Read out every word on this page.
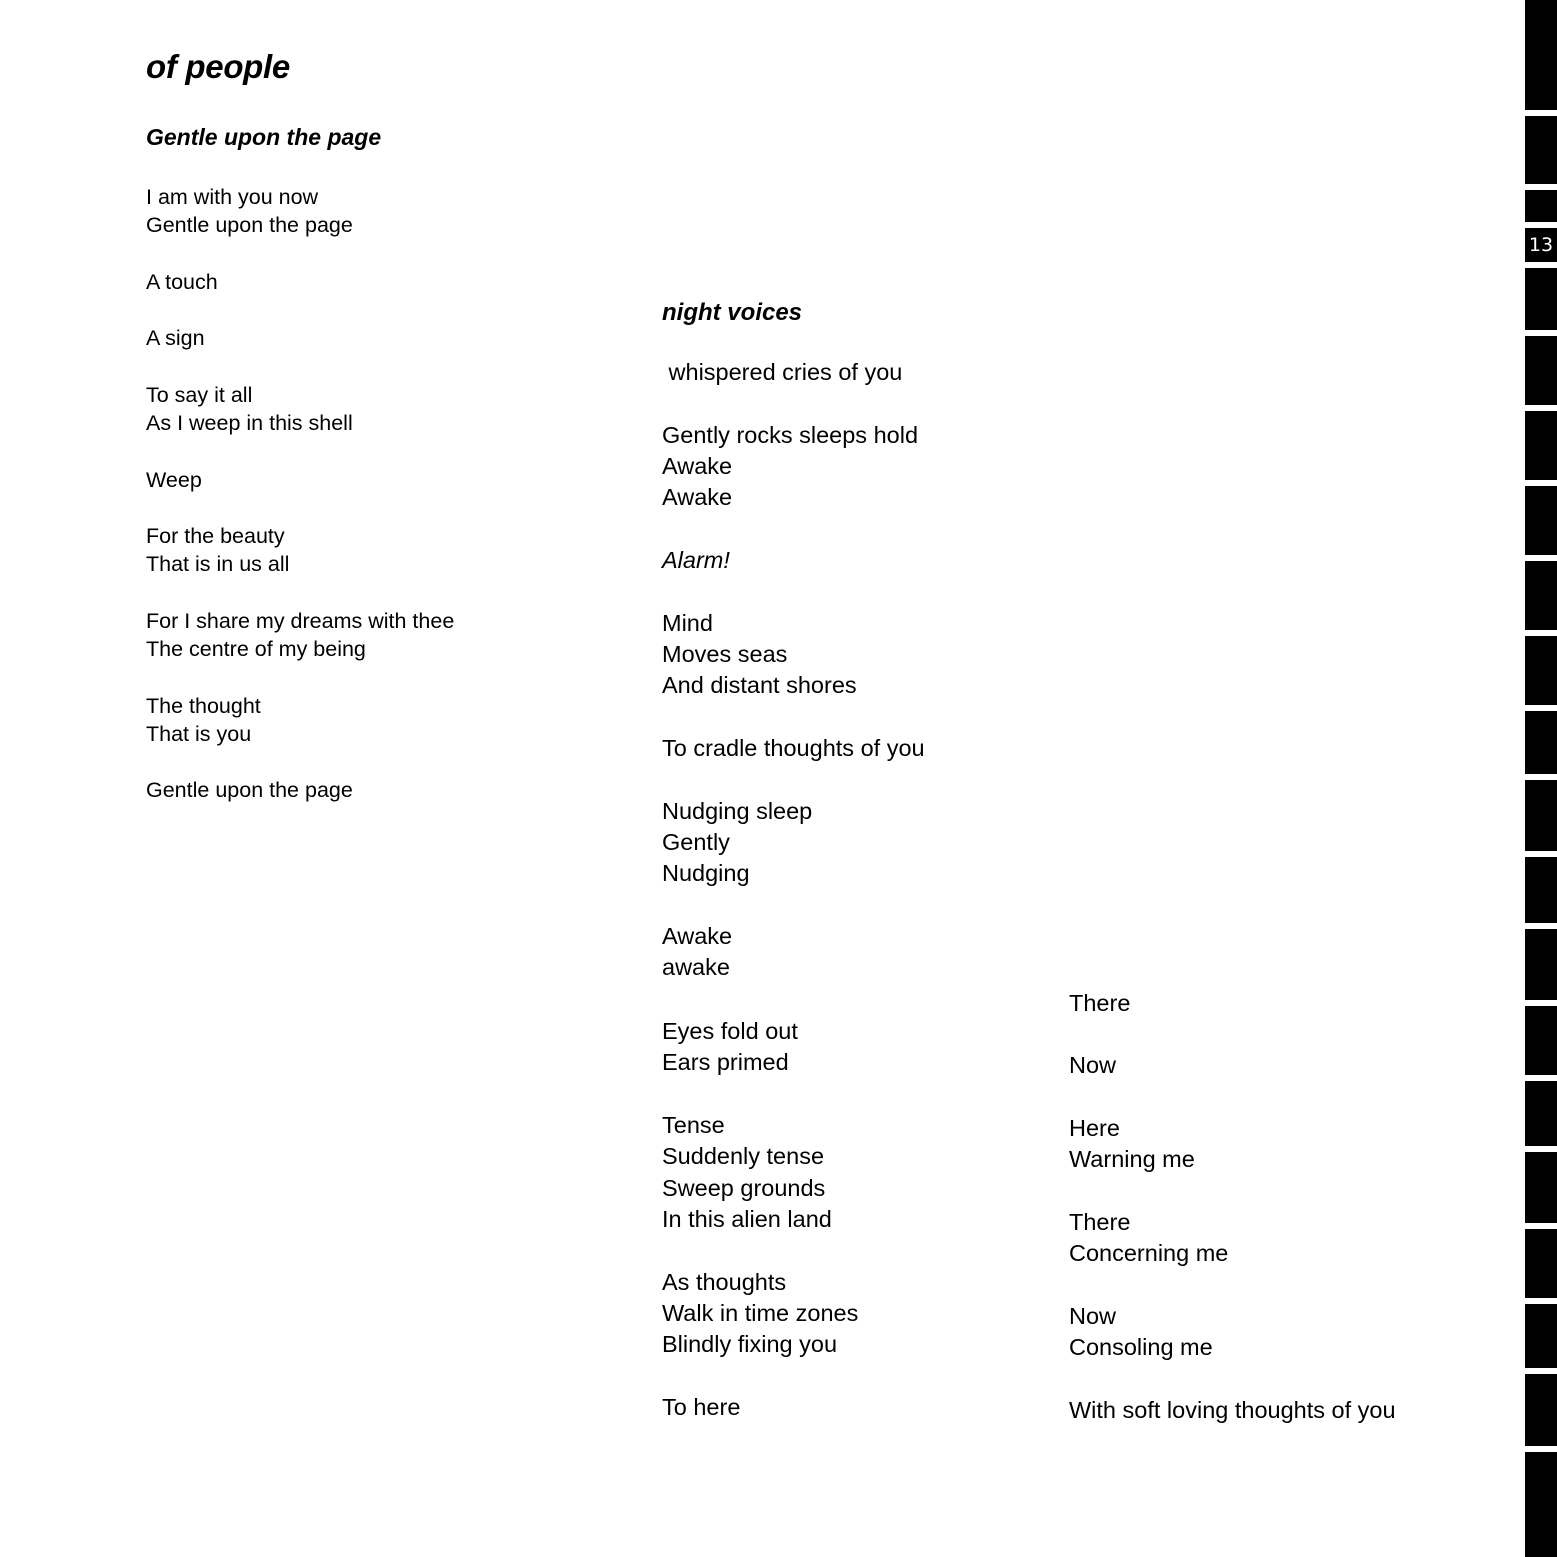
of people
Gentle upon the page
I am with you now
Gentle upon the page
A touch
A sign
To say it all
As I weep in this shell
Weep
For the beauty
That is in us all
For I share my dreams with thee
The centre of my being
The thought
That is you
Gentle upon the page
night voices
whispered cries of you
Gently rocks sleeps hold
Awake
Awake
Alarm!
Mind
Moves seas
And distant shores
To cradle thoughts of you
Nudging sleep
Gently
Nudging
Awake
awake
Eyes fold out
Ears primed
Tense
Suddenly tense
Sweep grounds
In this alien land
As thoughts
Walk in time zones
Blindly fixing you
To here
There
Now
Here
Warning me
There
Concerning me
Now
Consoling me
With soft loving thoughts of you
13
